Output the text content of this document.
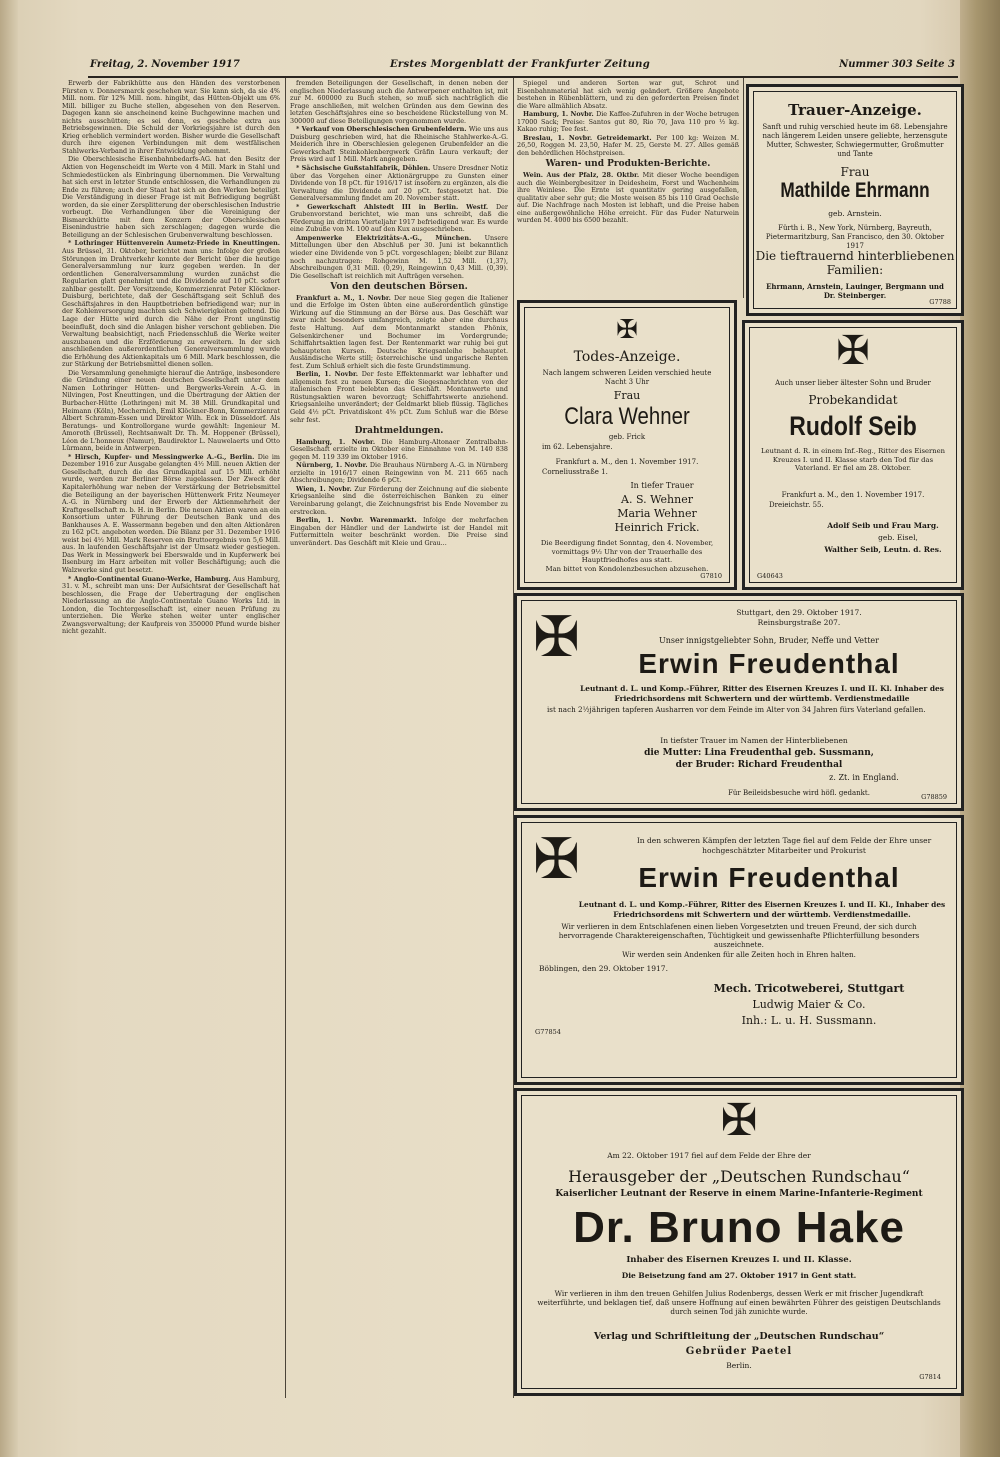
Freitag, 2. November 1917	Erstes Morgenblatt der Frankfurter Zeitung	Nummer 303 Seite 3

Erwerb der Fabrikhütte aus den Händen des verstorbenen Fürsten v. Donnersmarck geschehen war. Sie kann sich, da sie 4% Mill. nom. für 12% Mill. nom. hingibt, das Hütten-Objekt um 6% Mill. billiger zu Buche stellen, abgesehen von den Reserven. Dagegen kann sie anscheinend keine Buchgewinne machen und nichts ausschütten; es sei denn, es geschehe extra aus Betriebsgewinnen. Die Schuld der Vorkriegsjahre ist durch den Krieg erheblich vermindert worden. Bisher wurde die Gesellschaft durch ihre eigenen Verbindungen mit dem westfälischen Stahlwerks-Verband in ihrer Entwicklung gehemmt.

Die Oberschlesische Eisenbahnbedarfs-AG. hat den Besitz der Aktien von Hegenscheidt im Werte von 4 Mill. Mark in Stahl und Schmiedestücken als Einbringung übernommen. Die Verwaltung hat sich erst in letzter Stunde entschlossen, die Verhandlungen zu Ende zu führen; auch der Staat hat sich an den Werken beteiligt. Die Verständigung in dieser Frage ist mit Befriedigung begrüßt worden, da sie einer Zersplitterung der oberschlesischen Industrie vorbeugt. Die Verhandlungen über die Vereinigung der Bismarckhütte mit dem Konzern der Oberschlesischen Eisenindustrie haben sich zerschlagen; dagegen wurde die Beteiligung an der Schlesischen Grubenverwaltung beschlossen.

* Lothringer Hüttenverein Aumetz-Friede in Kneuttingen. Aus Brüssel, 31. Oktober, berichtet man uns: Infolge der großen Störungen im Drahtverkehr konnte der Bericht über die heutige Generalversammlung nur kurz gegeben werden. In der ordentlichen Generalversammlung wurden zunächst die Regularien glatt genehmigt und die Dividende auf 10 pCt. sofort zahlbar gestellt. Der Vorsitzende, Kommerzienrat Peter Klöckner-Duisburg, berichtete, daß der Geschäftsgang seit Schluß des Geschäftsjahres in den Hauptbetrieben befriedigend war; nur in der Kohlenversorgung machten sich Schwierigkeiten geltend. Die Lage der Hütte wird durch die Nähe der Front ungünstig beeinflußt, doch sind die Anlagen bisher verschont geblieben. Die Verwaltung beabsichtigt, nach Friedensschluß die Werke weiter auszubauen und die Erzförderung zu erweitern. In der sich anschließenden außerordentlichen Generalversammlung wurde die Erhöhung des Aktienkapitals um 6 Mill. Mark beschlossen, die zur Stärkung der Betriebsmittel dienen sollen.

Die Versammlung genehmigte hierauf die Anträge, insbesondere die Gründung einer neuen deutschen Gesellschaft unter dem Namen Lothringer Hütten- und Bergwerks-Verein A.-G. in Nilvingen, Post Kneuttingen, und die Übertragung der Aktien der Burbacher-Hütte (Lothringen) mit M. 38 Mill. Grundkapital und Heimann (Köln), Mechernich, Emil Klöckner-Bonn, Kommerzienrat Albert Schramm-Essen und Direktor Wilh. Eck in Düsseldorf. Als Beratungs- und Kontrollorgane wurde gewählt: Ingenieur M. Amoroth (Brüssel), Rechtsanwalt Dr. Th. M. Hoppener (Brüssel), Léon de L'honneux (Namur), Baudirektor L. Nauwelaerts und Otto Lürmann, beide in Antwerpen.

* Hirsch, Kupfer- und Messingwerke A.-G., Berlin. Die im Dezember 1916 zur Ausgabe gelangten 4½ Mill. neuen Aktien der Gesellschaft, durch die das Grundkapital auf 15 Mill. erhöht wurde, werden zur Berliner Börse zugelassen. Der Zweck der Kapitalerhöhung war neben der Verstärkung der Betriebsmittel die Beteiligung an der bayerischen Hüttenwerk Fritz Neumeyer A.-G. in Nürnberg und der Erwerb der Aktienmehrheit der Kraftgesellschaft m. b. H. in Berlin. Die neuen Aktien waren an ein Konsortium unter Führung der Deutschen Bank und des Bankhauses A. E. Wassermann begeben und den alten Aktionären zu 162 pCt. angeboten worden. Die Bilanz per 31. Dezember 1916 weist bei 4½ Mill. Mark Reserven ein Bruttoergebnis von 5,6 Mill. aus. In laufenden Geschäftsjahr ist der Umsatz wieder gestiegen. Das Werk in Messingwerk bei Eberswalde und in Kupferwerk bei Ilsenburg im Harz arbeiten mit voller Beschäftigung; auch die Walzwerke sind gut besetzt.

* Anglo-Continental Guano-Werke, Hamburg. Aus Hamburg, 31. v. M., schreibt man uns: Der Aufsichtsrat der Gesellschaft hat beschlossen, die Frage der Uebertragung der englischen Niederlassung an die Anglo-Continentale Guano Works Ltd. in London, die Tochtergesellschaft ist, einer neuen Prüfung zu unterziehen. Die Werke stehen weiter unter englischer Zwangsverwaltung; der Kaufpreis von 350000 Pfund wurde bisher nicht gezahlt.

fremden Beteiligungen der Gesellschaft, in denen neben der englischen Niederlassung auch die Antwerpener enthalten ist, mit zur M. 600000 zu Buch stehen, so muß sich nachträglich die Frage anschließen, mit welchen Gründen aus dem Gewinn des letzten Geschäftsjahres eine so bescheidene Rückstellung von M. 300000 auf diese Beteiligungen vorgenommen wurde.

* Verkauf von Oberschlesischen Grubenfeldern. Wie uns aus Duisburg geschrieben wird, hat die Rheinische Stahlwerke-A.-G. Meiderich ihre in Oberschlesien gelegenen Grubenfelder an die Gewerkschaft Steinkohlenbergwerk Gräfin Laura verkauft; der Preis wird auf 1 Mill. Mark angegeben.

* Sächsische Gußstahlfabrik, Döhlen. Unsere Dresdner Notiz über das Vorgehen einer Aktionärgruppe zu Gunsten einer Dividende von 18 pCt. für 1916/17 ist insofern zu ergänzen, als die Verwaltung die Dividende auf 20 pCt. festgesetzt hat. Die Generalversammlung findet am 20. November statt.

* Gewerkschaft Ahlstedt III in Berlin. Westf. Der Grubenvorstand berichtet, wie man uns schreibt, daß die Förderung im dritten Vierteljahr 1917 befriedigend war. Es wurde eine Zubuße von M. 100 auf den Kux ausgeschrieben.

Ampenwerke Elektrizitäts-A.-G., München. Unsere Mitteilungen über den Abschluß per 30. Juni ist bekanntlich wieder eine Dividende von 5 pCt. vorgeschlagen; bleibt zur Bilanz noch nachzutragen: Rohgewinn M. 1,52 Mill. (1,37), Abschreibungen 0,31 Mill. (0,29), Reingewinn 0,43 Mill. (0,39). Die Gesellschaft ist reichlich mit Aufträgen versehen.

Von den deutschen Börsen.

Frankfurt a. M., 1. Novbr. Der neue Sieg gegen die Italiener und die Erfolge im Osten übten eine außerordentlich günstige Wirkung auf die Stimmung an der Börse aus. Das Geschäft war zwar nicht besonders umfangreich, zeigte aber eine durchaus feste Haltung. Auf dem Montanmarkt standen Phönix, Gelsenkirchener und Bochumer im Vordergrunde; Schiffahrtsaktien lagen fest. Der Rentenmarkt war ruhig bei gut behaupteten Kursen. Deutsche Kriegsanleihe behauptet. Ausländische Werte still; österreichische und ungarische Renten fest. Zum Schluß erhielt sich die feste Grundstimmung.

Berlin, 1. Novbr. Der feste Effektenmarkt war lebhafter und allgemein fest zu neuen Kursen; die Siegesnachrichten von der italienischen Front belebten das Geschäft. Montanwerte und Rüstungsaktien waren bevorzugt; Schiffahrtswerte anziehend. Kriegsanleihe unverändert; der Geldmarkt blieb flüssig. Tägliches Geld 4½ pCt. Privatdiskont 4⅝ pCt. Zum Schluß war die Börse sehr fest.

Drahtmeldungen.

Hamburg, 1. Novbr. Die Hamburg-Altonaer Zentralbahn-Gesellschaft erzielte im Oktober eine Einnahme von M. 140 838 gegen M. 119 339 im Oktober 1916.

Nürnberg, 1. Novbr. Die Brauhaus Nürnberg A.-G. in Nürnberg erzielte in 1916/17 einen Reingewinn von M. 211 665 nach Abschreibungen; Dividende 6 pCt.

Wien, 1. Novbr. Zur Förderung der Zeichnung auf die siebente Kriegsanleihe sind die österreichischen Banken zu einer Vereinbarung gelangt, die Zeichnungsfrist bis Ende November zu erstrecken.

Berlin, 1. Novbr. Warenmarkt. Infolge der mehrfachen Eingaben der Händler und der Landwirte ist der Handel mit Futtermitteln weiter beschränkt worden. Die Preise sind unverändert. Das Geschäft mit Kleie und Grau...

Spiegel und anderen Sorten war gut, Schrot und Eisenbahnmaterial hat sich wenig geändert. Größere Angebote bestehen in Rübenblättern, und zu den geforderten Preisen findet die Ware allmählich Absatz.

Hamburg, 1. Novbr. Die Kaffee-Zufuhren in der Woche betrugen 17000 Sack; Preise: Santos gut 80, Rio 70, Java 110 pro ½ kg. Kakao ruhig; Tee fest.

Breslau, 1. Novbr. Getreidemarkt. Per 100 kg: Weizen M. 26,50, Roggen M. 23,50, Hafer M. 25, Gerste M. 27. Alles gemäß den behördlichen Höchstpreisen.

Waren- und Produkten-Berichte.

Wein. Aus der Pfalz, 28. Oktbr. Mit dieser Woche beendigen auch die Weinbergbesitzer in Deidesheim, Forst und Wachenheim ihre Weinlese. Die Ernte ist quantitativ gering ausgefallen, qualitativ aber sehr gut; die Moste weisen 85 bis 110 Grad Oechsle auf. Die Nachfrage nach Mosten ist lebhaft, und die Preise haben eine außergewöhnliche Höhe erreicht. Für das Fuder Naturwein wurden M. 4000 bis 6500 bezahlt.

Trauer-Anzeige.
Sanft und ruhig verschied heute im 68. Lebensjahre nach längerem Leiden unsere geliebte, herzensgute Mutter, Schwester, Schwiegermutter, Großmutter und Tante
Frau
Mathilde Ehrmann
geb. Arnstein.
Fürth i. B., New York, Nürnberg, Bayreuth, Pietermaritzburg, San Francisco, den 30. Oktober 1917
Die tieftrauernd hinterbliebenen
Familien:
Ehrmann, Arnstein, Lauinger, Bergmann und Dr. Steinberger.
G7788
✠
Todes-Anzeige.
Nach langem schweren Leiden verschied heute Nacht 3 Uhr
Frau
Clara Wehner
geb. Frick
im 62. Lebensjahre.
Frankfurt a. M., den 1. November 1917.
Corneliusstraße 1.
In tiefer Trauer
A. S. Wehner
Maria Wehner
Heinrich Frick.
Die Beerdigung findet Sonntag, den 4. November, vormittags 9½ Uhr von der Trauerhalle des Hauptfriedhofes aus statt.
Man bittet von Kondolenzbesuchen abzusehen.
G7810
✠
Auch unser lieber ältester Sohn und Bruder
Probekandidat
Rudolf Seib
Leutnant d. R. in einem Inf.-Reg., Ritter des Eisernen Kreuzes I. und II. Klasse starb den Tod für das Vaterland. Er fiel am 28. Oktober.
Frankfurt a. M., den 1. November 1917.
Dreieichstr. 55.
Adolf Seib und Frau Marg.
geb. Eisel,
Walther Seib, Leutn. d. Res.
G40643
✠	Stuttgart, den 29. Oktober 1917.
Reinsburgstraße 207.
Unser innigstgeliebter Sohn, Bruder, Neffe und Vetter
Erwin Freudenthal
Leutnant d. L. und Komp.-Führer, Ritter des Eisernen Kreuzes I. und II. Kl. Inhaber des Friedrichsordens mit Schwertern und der württemb. Verdienstmedaille
ist nach 2½jährigen tapferen Ausharren vor dem Feinde im Alter von 34 Jahren fürs Vaterland gefallen.
In tiefster Trauer im Namen der Hinterbliebenen
die Mutter: Lina Freudenthal geb. Sussmann,
der Bruder: Richard Freudenthal
z. Zt. in England.
Für Beileidsbesuche wird höfl. gedankt.	G78859
✠	In den schweren Kämpfen der letzten Tage fiel auf dem Felde der Ehre unser hochgeschätzter Mitarbeiter und Prokurist
Erwin Freudenthal
Leutnant d. L. und Komp.-Führer, Ritter des Eisernen Kreuzes I. und II. Kl., Inhaber des Friedrichsordens mit Schwertern und der württemb. Verdienstmedaille.
Wir verlieren in dem Entschlafenen einen lieben Vorgesetzten und treuen Freund, der sich durch hervorragende Charaktereigenschaften, Tüchtigkeit und gewissenhafte Pflichterfüllung besonders auszeichnete.
Wir werden sein Andenken für alle Zeiten hoch in Ehren halten.
Böblingen, den 29. Oktober 1917.
Mech. Tricotweberei, Stuttgart
Ludwig Maier & Co.
Inh.: L. u. H. Sussmann.
G77854
✠
Am 22. Oktober 1917 fiel auf dem Felde der Ehre der
Herausgeber der „Deutschen Rundschau“
Kaiserlicher Leutnant der Reserve in einem Marine-Infanterie-Regiment
Dr. Bruno Hake
Inhaber des Eisernen Kreuzes I. und II. Klasse.
Die Beisetzung fand am 27. Oktober 1917 in Gent statt.
Wir verlieren in ihm den treuen Gehilfen Julius Rodenbergs, dessen Werk er mit frischer Jugendkraft weiterführte, und beklagen tief, daß unsere Hoffnung auf einen bewährten Führer des geistigen Deutschlands durch seinen Tod jäh zunichte wurde.
Verlag und Schriftleitung der „Deutschen Rundschau“
Gebrüder Paetel
Berlin.
G7814
